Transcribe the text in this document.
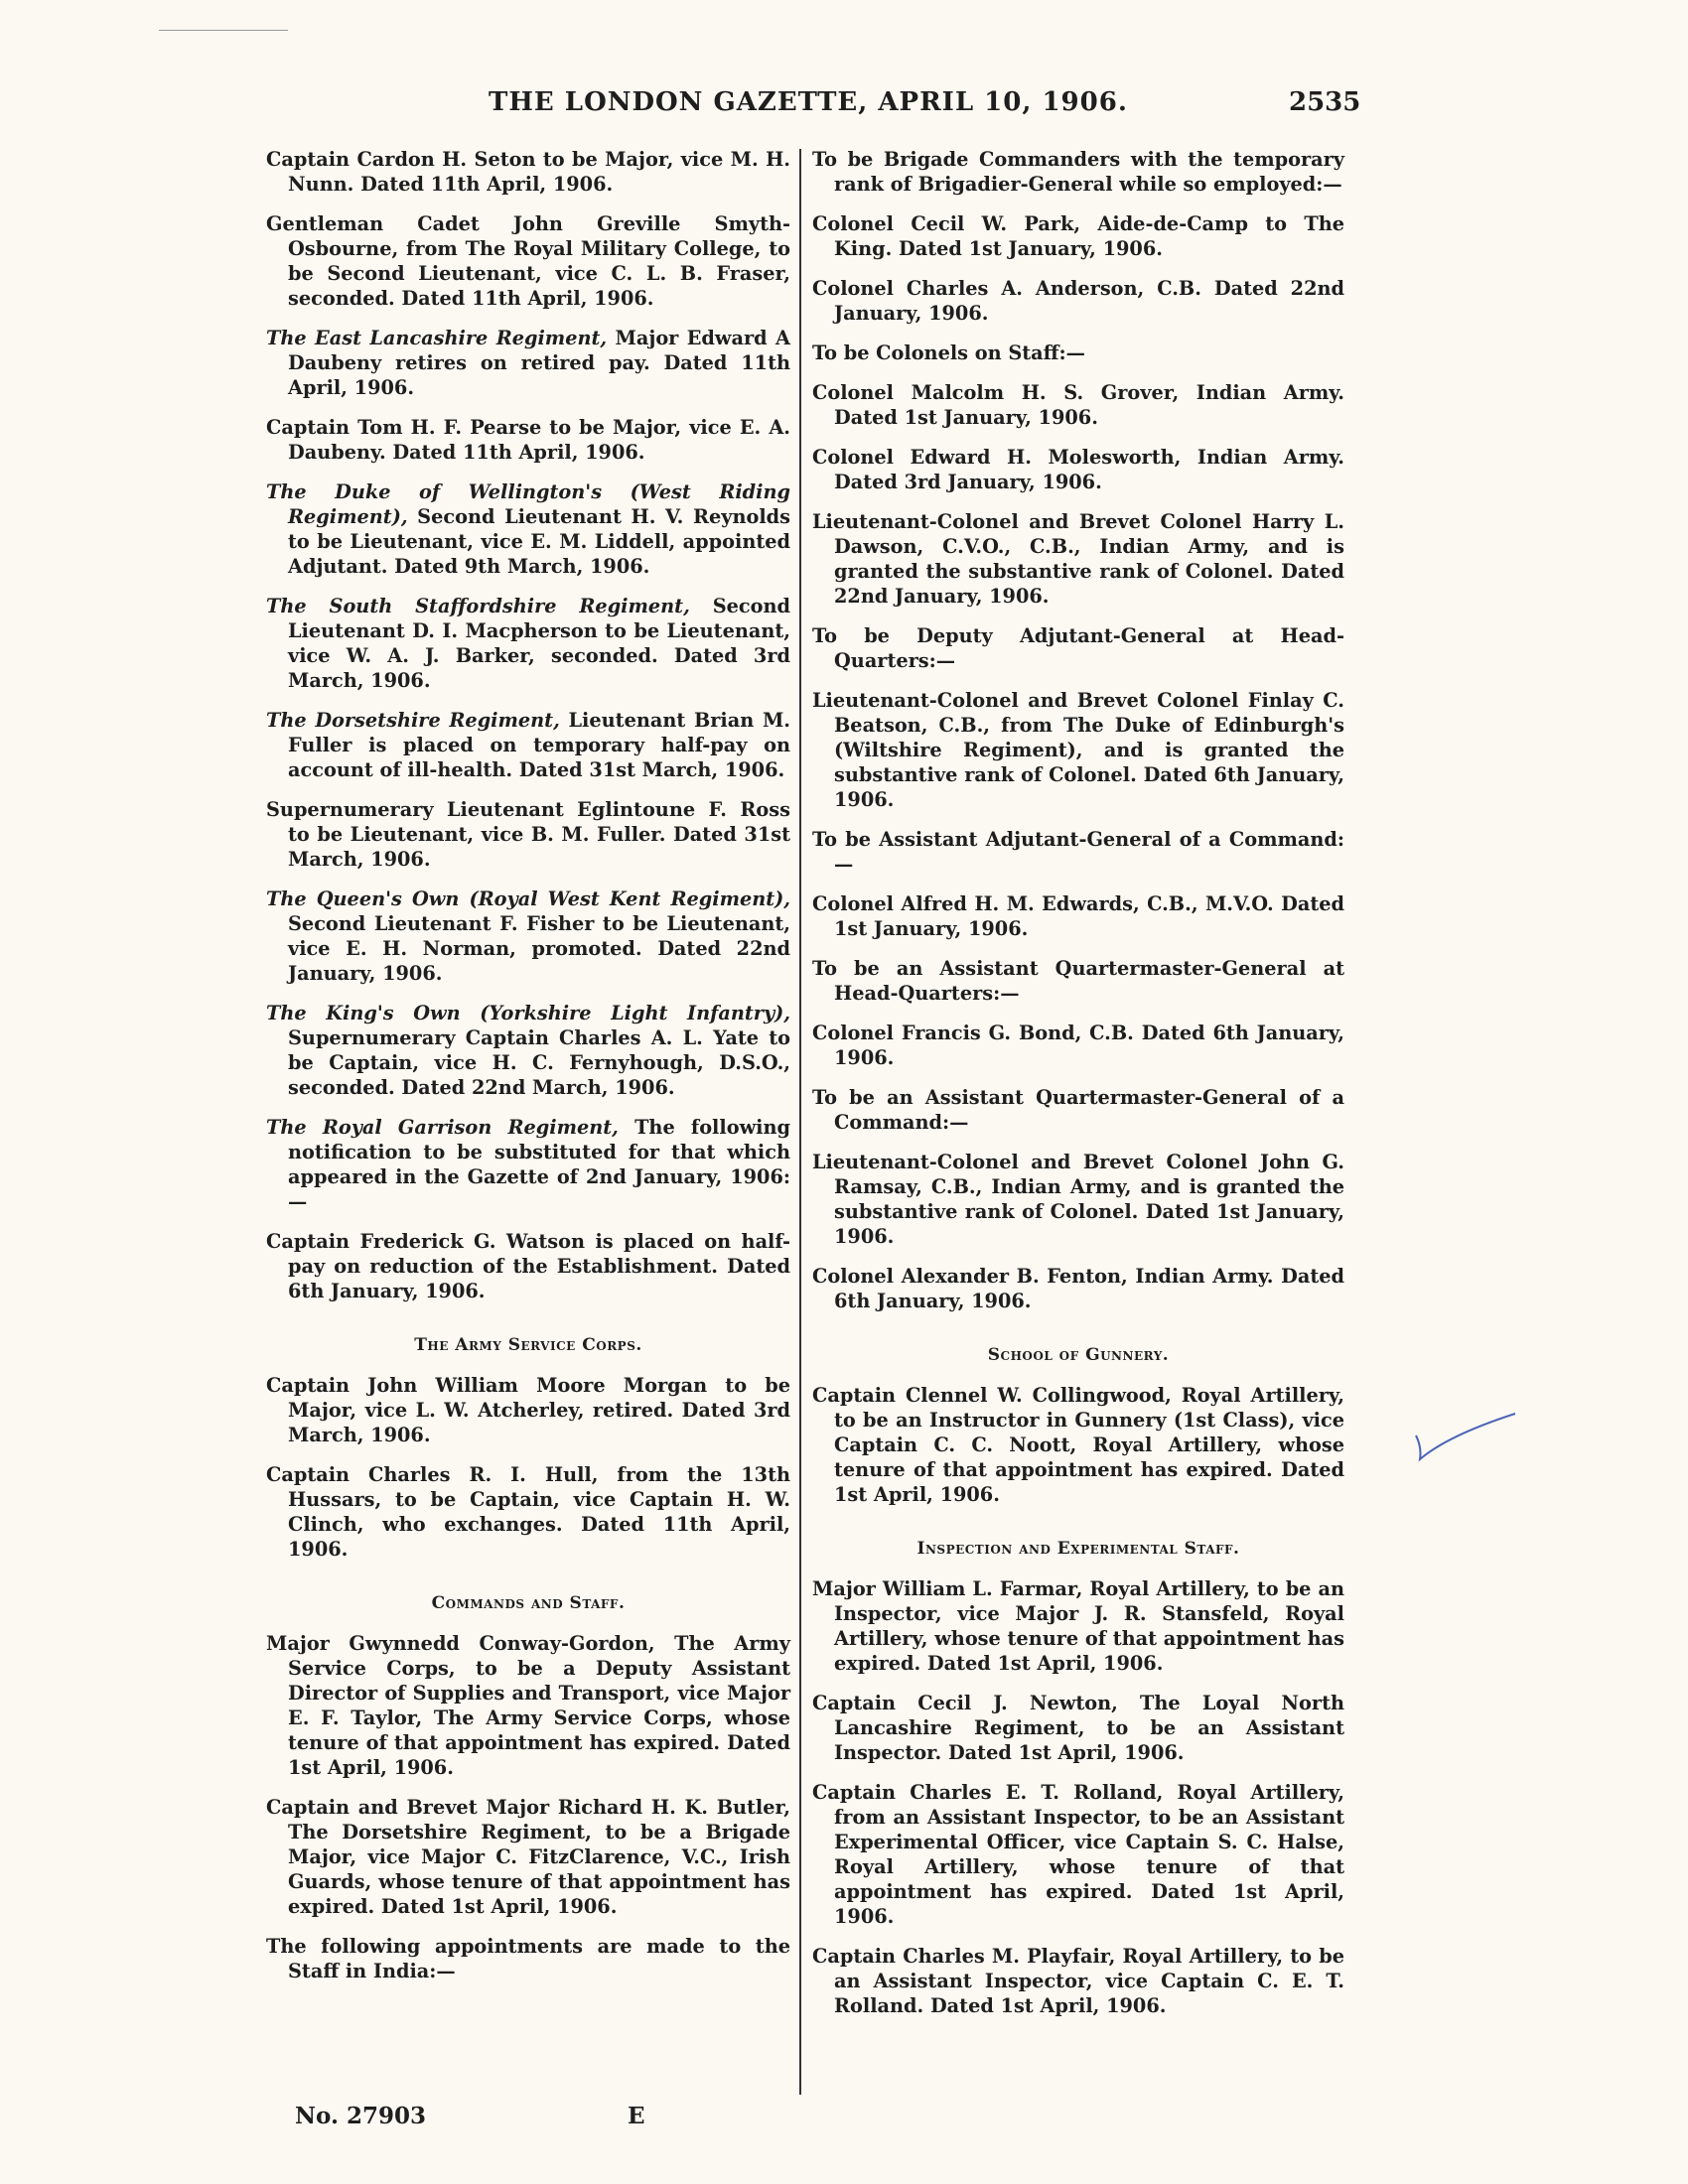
THE LONDON GAZETTE, APRIL 10, 1906.	2535

Captain Cardon H. Seton to be Major, vice M. H. Nunn. Dated 11th April, 1906.

Gentleman Cadet John Greville Smyth-Osbourne, from The Royal Military College, to be Second Lieutenant, vice C. L. B. Fraser, seconded. Dated 11th April, 1906.

The East Lancashire Regiment, Major Edward A Daubeny retires on retired pay. Dated 11th April, 1906.

Captain Tom H. F. Pearse to be Major, vice E. A. Daubeny. Dated 11th April, 1906.

The Duke of Wellington's (West Riding Regiment), Second Lieutenant H. V. Reynolds to be Lieutenant, vice E. M. Liddell, appointed Adjutant. Dated 9th March, 1906.

The South Staffordshire Regiment, Second Lieutenant D. I. Macpherson to be Lieutenant, vice W. A. J. Barker, seconded. Dated 3rd March, 1906.

The Dorsetshire Regiment, Lieutenant Brian M. Fuller is placed on temporary half-pay on account of ill-health. Dated 31st March, 1906.

Supernumerary Lieutenant Eglintoune F. Ross to be Lieutenant, vice B. M. Fuller. Dated 31st March, 1906.

The Queen's Own (Royal West Kent Regiment), Second Lieutenant F. Fisher to be Lieutenant, vice E. H. Norman, promoted. Dated 22nd January, 1906.

The King's Own (Yorkshire Light Infantry), Supernumerary Captain Charles A. L. Yate to be Captain, vice H. C. Fernyhough, D.S.O., seconded. Dated 22nd March, 1906.

The Royal Garrison Regiment, The following notification to be substituted for that which appeared in the Gazette of 2nd January, 1906:—

Captain Frederick G. Watson is placed on half-pay on reduction of the Establishment. Dated 6th January, 1906.

The Army Service Corps.

Captain John William Moore Morgan to be Major, vice L. W. Atcherley, retired. Dated 3rd March, 1906.

Captain Charles R. I. Hull, from the 13th Hussars, to be Captain, vice Captain H. W. Clinch, who exchanges. Dated 11th April, 1906.

Commands and Staff.

Major Gwynnedd Conway-Gordon, The Army Service Corps, to be a Deputy Assistant Director of Supplies and Transport, vice Major E. F. Taylor, The Army Service Corps, whose tenure of that appointment has expired. Dated 1st April, 1906.

Captain and Brevet Major Richard H. K. Butler, The Dorsetshire Regiment, to be a Brigade Major, vice Major C. FitzClarence, V.C., Irish Guards, whose tenure of that appointment has expired. Dated 1st April, 1906.

The following appointments are made to the Staff in India:—

To be Brigade Commanders with the temporary rank of Brigadier-General while so employed:—

Colonel Cecil W. Park, Aide-de-Camp to The King. Dated 1st January, 1906.

Colonel Charles A. Anderson, C.B. Dated 22nd January, 1906.

To be Colonels on Staff:—

Colonel Malcolm H. S. Grover, Indian Army. Dated 1st January, 1906.

Colonel Edward H. Molesworth, Indian Army. Dated 3rd January, 1906.

Lieutenant-Colonel and Brevet Colonel Harry L. Dawson, C.V.O., C.B., Indian Army, and is granted the substantive rank of Colonel. Dated 22nd January, 1906.

To be Deputy Adjutant-General at Head-Quarters:—

Lieutenant-Colonel and Brevet Colonel Finlay C. Beatson, C.B., from The Duke of Edinburgh's (Wiltshire Regiment), and is granted the substantive rank of Colonel. Dated 6th January, 1906.

To be Assistant Adjutant-General of a Command:—

Colonel Alfred H. M. Edwards, C.B., M.V.O. Dated 1st January, 1906.

To be an Assistant Quartermaster-General at Head-Quarters:—

Colonel Francis G. Bond, C.B. Dated 6th January, 1906.

To be an Assistant Quartermaster-General of a Command:—

Lieutenant-Colonel and Brevet Colonel John G. Ramsay, C.B., Indian Army, and is granted the substantive rank of Colonel. Dated 1st January, 1906.

Colonel Alexander B. Fenton, Indian Army. Dated 6th January, 1906.

School of Gunnery.

Captain Clennel W. Collingwood, Royal Artillery, to be an Instructor in Gunnery (1st Class), vice Captain C. C. Noott, Royal Artillery, whose tenure of that appointment has expired. Dated 1st April, 1906.

Inspection and Experimental Staff.

Major William L. Farmar, Royal Artillery, to be an Inspector, vice Major J. R. Stansfeld, Royal Artillery, whose tenure of that appointment has expired. Dated 1st April, 1906.

Captain Cecil J. Newton, The Loyal North Lancashire Regiment, to be an Assistant Inspector. Dated 1st April, 1906.

Captain Charles E. T. Rolland, Royal Artillery, from an Assistant Inspector, to be an Assistant Experimental Officer, vice Captain S. C. Halse, Royal Artillery, whose tenure of that appointment has expired. Dated 1st April, 1906.

Captain Charles M. Playfair, Royal Artillery, to be an Assistant Inspector, vice Captain C. E. T. Rolland. Dated 1st April, 1906.

No. 27903	E
